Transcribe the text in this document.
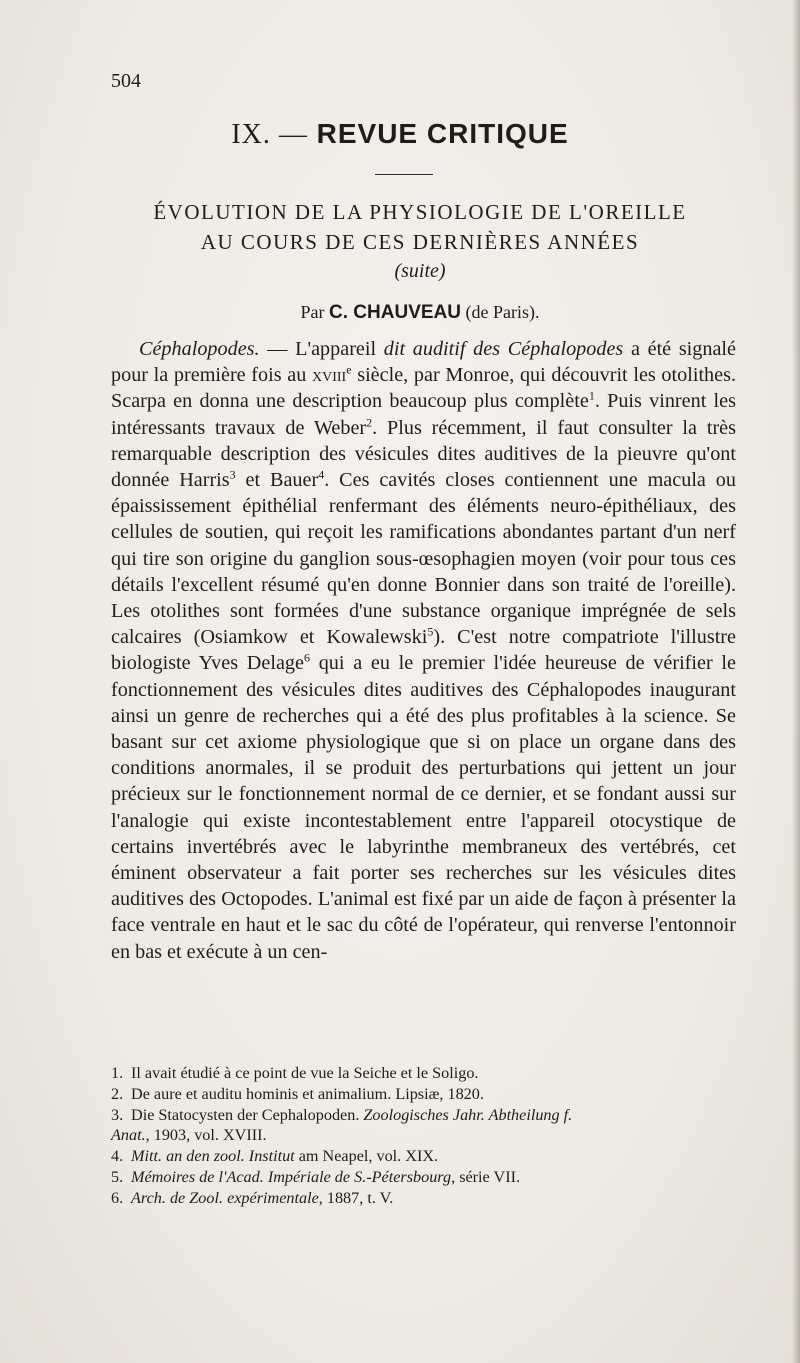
504
IX. — REVUE CRITIQUE
ÉVOLUTION DE LA PHYSIOLOGIE DE L'OREILLE
AU COURS DE CES DERNIÈRES ANNÉES
(suite)
Par C. CHAUVEAU (de Paris).

Céphalopodes. — L'appareil dit auditif des Céphalopodes a été signalé pour la première fois au xviii$^e$ siècle, par Monroe, qui découvrit les otolithes. Scarpa en donna une description beaucoup plus complète$^1$. Puis vinrent les intéressants travaux de Weber$^2$. Plus récemment, il faut consulter la très remarquable description des vésicules dites auditives de la pieuvre qu'ont donnée Harris$^3$ et Bauer$^4$. Ces cavités closes contiennent une macula ou épaississement épithélial renfermant des éléments neuro-épithéliaux, des cellules de soutien, qui reçoit les ramifications abondantes partant d'un nerf qui tire son origine du ganglion sous-œsophagien moyen (voir pour tous ces détails l'excellent résumé qu'en donne Bonnier dans son traité de l'oreille). Les otolithes sont formées d'une substance organique imprégnée de sels calcaires (Osiamkow et Kowalewski$^5$). C'est notre compatriote l'illustre biologiste Yves Delage$^6$ qui a eu le premier l'idée heureuse de vérifier le fonctionnement des vésicules dites auditives des Céphalopodes inaugurant ainsi un genre de recherches qui a été des plus profitables à la science. Se basant sur cet axiome physiologique que si on place un organe dans des conditions anormales, il se produit des perturbations qui jettent un jour précieux sur le fonctionnement normal de ce dernier, et se fondant aussi sur l'analogie qui existe incontestablement entre l'appareil otocystique de certains invertébrés avec le labyrinthe membraneux des vertébrés, cet éminent observateur a fait porter ses recherches sur les vésicules dites auditives des Octopodes. L'animal est fixé par un aide de façon à présenter la face ventrale en haut et le sac du côté de l'opérateur, qui renverse l'entonnoir en bas et exécute à un cen-

1. Il avait étudié à ce point de vue la Seiche et le Soligo.
2. De aure et auditu hominis et animalium. Lipsiæ, 1820.
3. Die Statocysten der Cephalopoden. Zoologisches Jahr. Abtheilung f.
Anat., 1903, vol. XVIII.
4. Mitt. an den zool. Institut am Neapel, vol. XIX.
5. Mémoires de l'Acad. Impériale de S.-Pétersbourg, série VII.
6. Arch. de Zool. expérimentale, 1887, t. V.
